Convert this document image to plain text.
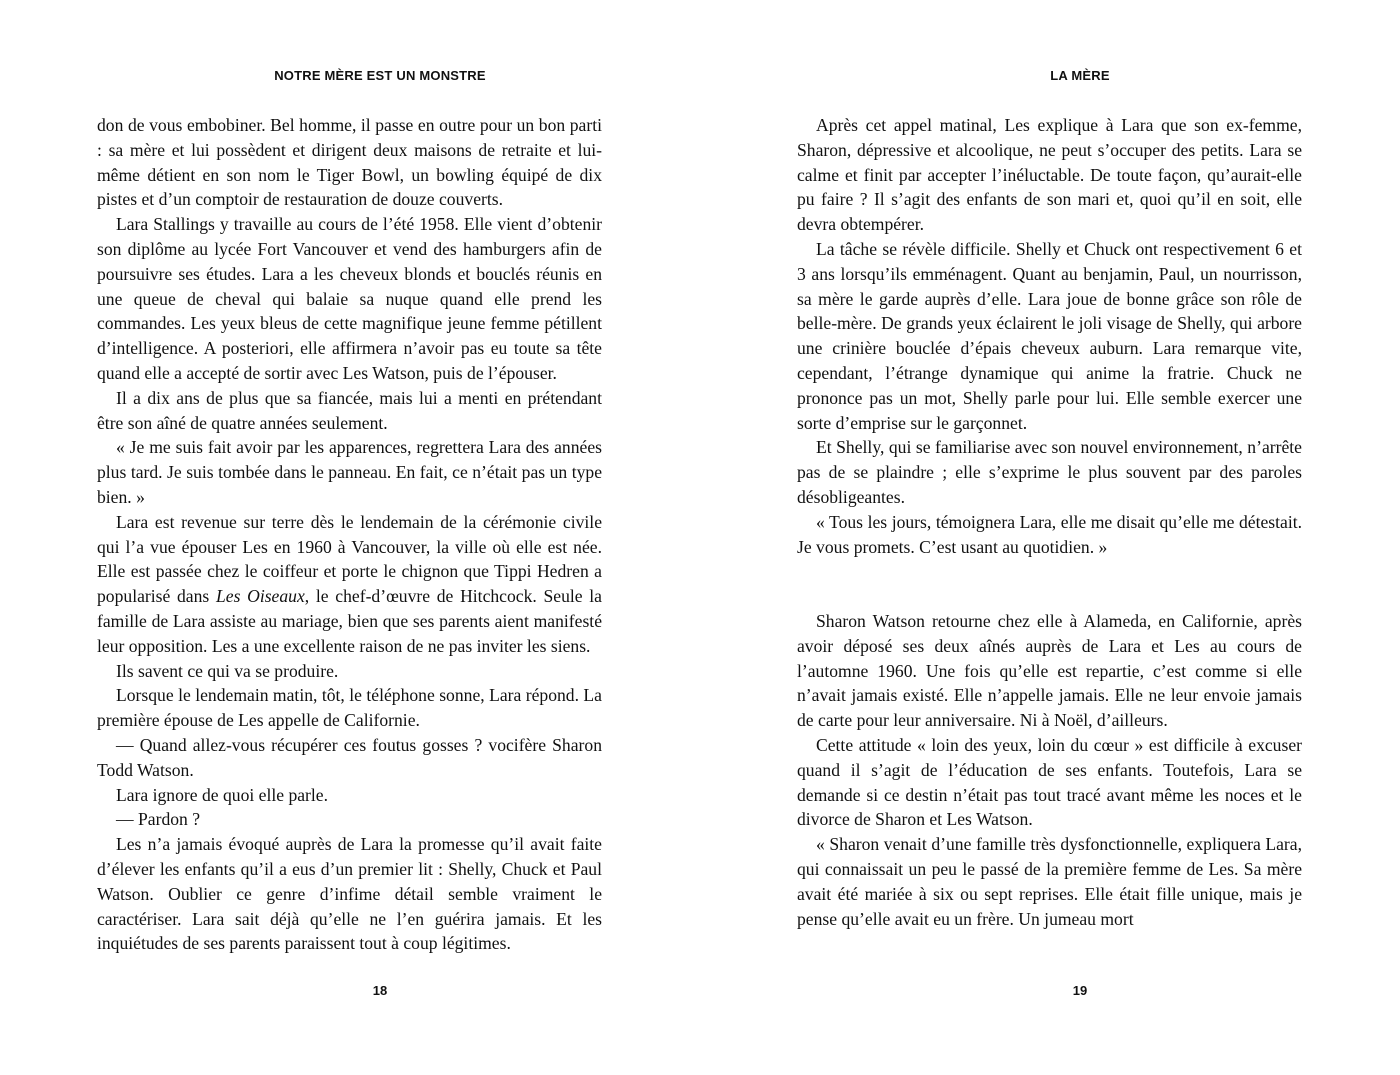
NOTRE MÈRE EST UN MONSTRE

don de vous embobiner. Bel homme, il passe en outre pour un bon parti : sa mère et lui possèdent et dirigent deux maisons de retraite et lui-même détient en son nom le Tiger Bowl, un bowling équipé de dix pistes et d’un comptoir de restauration de douze couverts.

Lara Stallings y travaille au cours de l’été 1958. Elle vient d’obtenir son diplôme au lycée Fort Vancouver et vend des hamburgers afin de poursuivre ses études. Lara a les cheveux blonds et bouclés réunis en une queue de cheval qui balaie sa nuque quand elle prend les commandes. Les yeux bleus de cette magnifique jeune femme pétillent d’intelligence. A posteriori, elle affirmera n’avoir pas eu toute sa tête quand elle a accepté de sortir avec Les Watson, puis de l’épouser.

Il a dix ans de plus que sa fiancée, mais lui a menti en prétendant être son aîné de quatre années seulement.

« Je me suis fait avoir par les apparences, regrettera Lara des années plus tard. Je suis tombée dans le panneau. En fait, ce n’était pas un type bien. »

Lara est revenue sur terre dès le lendemain de la cérémonie civile qui l’a vue épouser Les en 1960 à Vancouver, la ville où elle est née. Elle est passée chez le coiffeur et porte le chignon que Tippi Hedren a popularisé dans Les Oiseaux, le chef-d’œuvre de Hitchcock. Seule la famille de Lara assiste au mariage, bien que ses parents aient manifesté leur opposition. Les a une excellente raison de ne pas inviter les siens.

Ils savent ce qui va se produire.

Lorsque le lendemain matin, tôt, le téléphone sonne, Lara répond. La première épouse de Les appelle de Californie.

— Quand allez-vous récupérer ces foutus gosses ? vocifère Sharon Todd Watson.

Lara ignore de quoi elle parle.

— Pardon ?

Les n’a jamais évoqué auprès de Lara la promesse qu’il avait faite d’élever les enfants qu’il a eus d’un premier lit : Shelly, Chuck et Paul Watson. Oublier ce genre d’infime détail semble vraiment le caractériser. Lara sait déjà qu’elle ne l’en guérira jamais. Et les inquiétudes de ses parents paraissent tout à coup légitimes.

18
LA MÈRE

Après cet appel matinal, Les explique à Lara que son ex-femme, Sharon, dépressive et alcoolique, ne peut s’occuper des petits. Lara se calme et finit par accepter l’inéluctable. De toute façon, qu’aurait-elle pu faire ? Il s’agit des enfants de son mari et, quoi qu’il en soit, elle devra obtempérer.

La tâche se révèle difficile. Shelly et Chuck ont respectivement 6 et 3 ans lorsqu’ils emménagent. Quant au benjamin, Paul, un nourrisson, sa mère le garde auprès d’elle. Lara joue de bonne grâce son rôle de belle-mère. De grands yeux éclairent le joli visage de Shelly, qui arbore une crinière bouclée d’épais cheveux auburn. Lara remarque vite, cependant, l’étrange dynamique qui anime la fratrie. Chuck ne prononce pas un mot, Shelly parle pour lui. Elle semble exercer une sorte d’emprise sur le garçonnet.

Et Shelly, qui se familiarise avec son nouvel environnement, n’arrête pas de se plaindre ; elle s’exprime le plus souvent par des paroles désobligeantes.

« Tous les jours, témoignera Lara, elle me disait qu’elle me détestait. Je vous promets. C’est usant au quotidien. »

Sharon Watson retourne chez elle à Alameda, en Californie, après avoir déposé ses deux aînés auprès de Lara et Les au cours de l’automne 1960. Une fois qu’elle est repartie, c’est comme si elle n’avait jamais existé. Elle n’appelle jamais. Elle ne leur envoie jamais de carte pour leur anniversaire. Ni à Noël, d’ailleurs.

Cette attitude « loin des yeux, loin du cœur » est difficile à excuser quand il s’agit de l’éducation de ses enfants. Toutefois, Lara se demande si ce destin n’était pas tout tracé avant même les noces et le divorce de Sharon et Les Watson.

« Sharon venait d’une famille très dysfonctionnelle, expliquera Lara, qui connaissait un peu le passé de la première femme de Les. Sa mère avait été mariée à six ou sept reprises. Elle était fille unique, mais je pense qu’elle avait eu un frère. Un jumeau mort

19
